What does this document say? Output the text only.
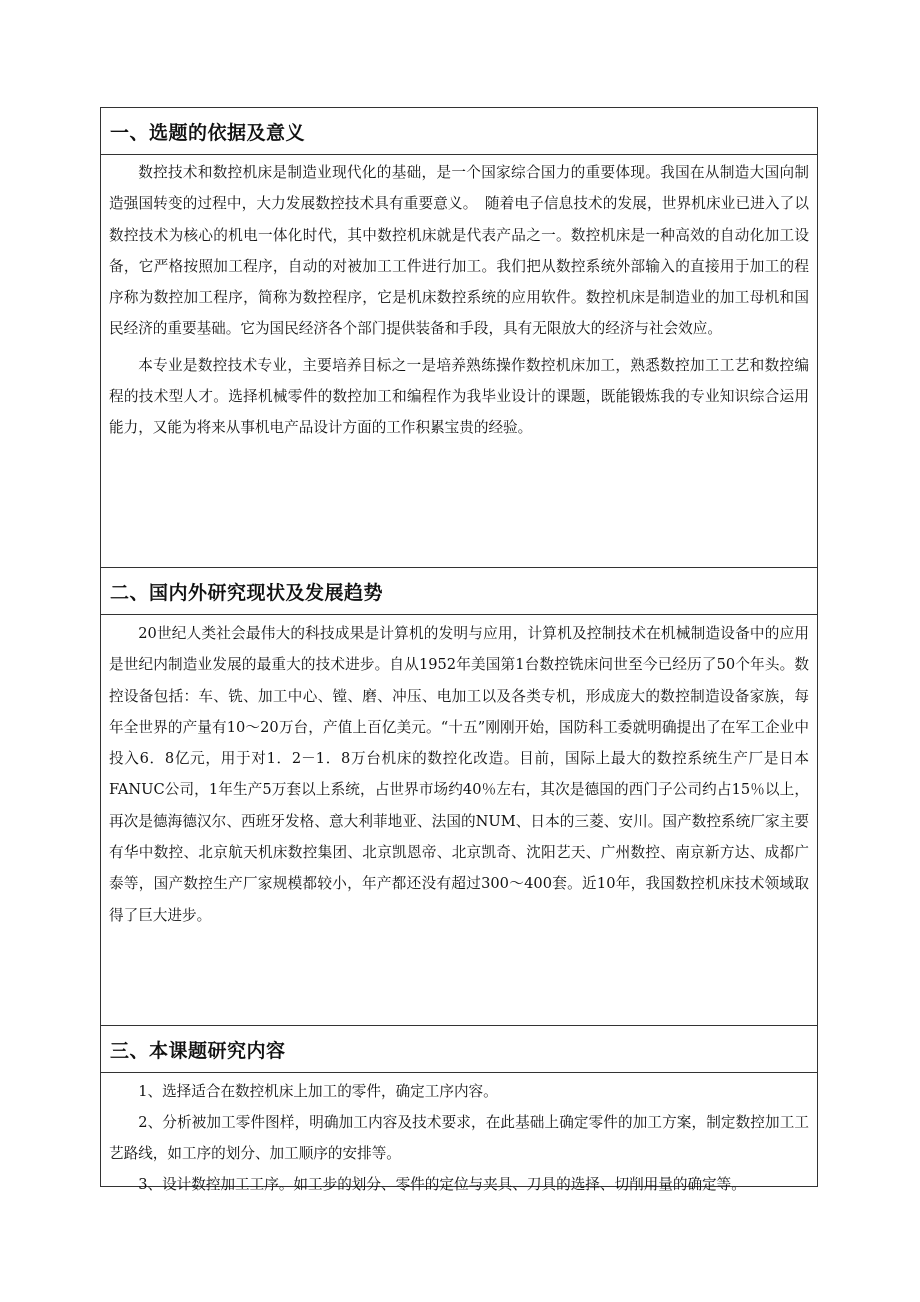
一、选题的依据及意义

数控技术和数控机床是制造业现代化的基础，是一个国家综合国力的重要体现。我国在从制造大国向制造强国转变的过程中，大力发展数控技术具有重要意义。　随着电子信息技术的发展，世界机床业已进入了以数控技术为核心的机电一体化时代，其中数控机床就是代表产品之一。数控机床是一种高效的自动化加工设备，它严格按照加工程序，自动的对被加工工件进行加工。我们把从数控系统外部输入的直接用于加工的程序称为数控加工程序，简称为数控程序，它是机床数控系统的应用软件。数控机床是制造业的加工母机和国民经济的重要基础。它为国民经济各个部门提供装备和手段，具有无限放大的经济与社会效应。

本专业是数控技术专业，主要培养目标之一是培养熟练操作数控机床加工，熟悉数控加工工艺和数控编程的技术型人才。选择机械零件的数控加工和编程作为我毕业设计的课题，既能锻炼我的专业知识综合运用能力，又能为将来从事机电产品设计方面的工作积累宝贵的经验。

二、国内外研究现状及发展趋势

20世纪人类社会最伟大的科技成果是计算机的发明与应用，计算机及控制技术在机械制造设备中的应用是世纪内制造业发展的最重大的技术进步。自从1952年美国第1台数控铣床问世至今已经历了50个年头。数控设备包括：车、铣、加工中心、镗、磨、冲压、电加工以及各类专机，形成庞大的数控制造设备家族，每年全世界的产量有10～20万台，产值上百亿美元。“十五”刚刚开始，国防科工委就明确提出了在军工企业中投入6．8亿元，用于对1．2－1．8万台机床的数控化改造。目前，国际上最大的数控系统生产厂是日本FANUC公司，1年生产5万套以上系统，占世界市场约40％左右，其次是德国的西门子公司约占15％以上，再次是德海德汉尔、西班牙发格、意大利菲地亚、法国的NUM、日本的三菱、安川。国产数控系统厂家主要有华中数控、北京航天机床数控集团、北京凯恩帝、北京凯奇、沈阳艺天、广州数控、南京新方达、成都广泰等，国产数控生产厂家规模都较小，年产都还没有超过300～400套。近10年，我国数控机床技术领域取得了巨大进步。

三、本课题研究内容

1、选择适合在数控机床上加工的零件，确定工序内容。

2、分析被加工零件图样，明确加工内容及技术要求，在此基础上确定零件的加工方案，制定数控加工工艺路线，如工序的划分、加工顺序的安排等。

3、设计数控加工工序。如工步的划分、零件的定位与夹具、刀具的选择、切削用量的确定等。
